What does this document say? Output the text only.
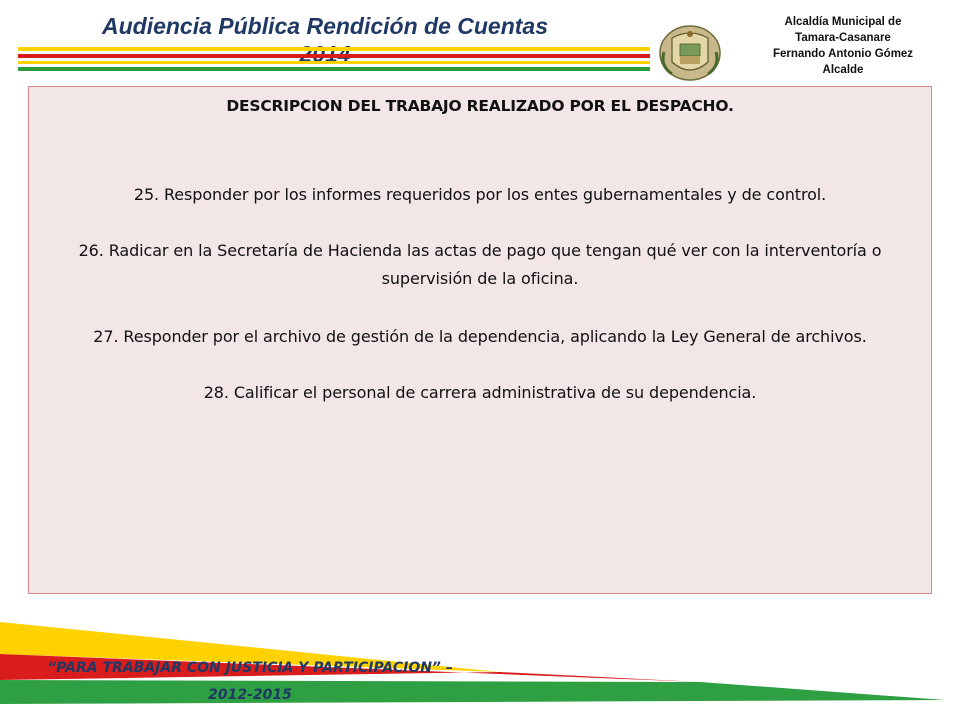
Audiencia Pública Rendición de Cuentas	Alcaldía Municipal de
Tamara-Casanare
Fernando Antonio Gómez
Alcalde
DESCRIPCION DEL TRABAJO REALIZADO POR EL DESPACHO.
25. Responder por los informes requeridos por los entes gubernamentales y de control.
26. Radicar en la Secretaría de Hacienda las actas de pago que tengan qué ver con la interventoría o supervisión de la oficina.
27. Responder por el archivo de gestión de la dependencia, aplicando la Ley General de archivos.
28. Calificar el personal de carrera administrativa de su dependencia.
“PARA TRABAJAR CON JUSTICIA Y PARTICIPACION” –
2012-2015
